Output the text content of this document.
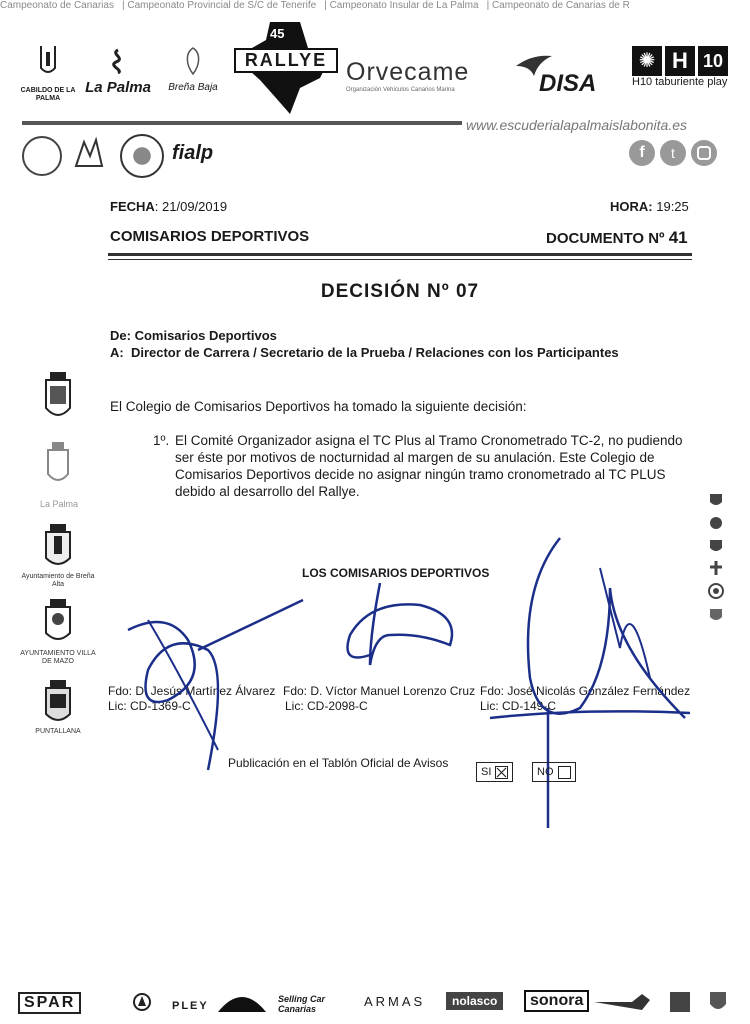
Campeonato de Canarias | Campeonato Provincial de S/C de Tenerife | Campeonato Insular de La Palma | Campeonato de Canarias de R
CABILDO DE LA PALMA
La Palma	Breña Baja
45
RALLYE Orvecame
Organización Vehículos Canarios Marina	DISA
✺ H 10
H10 taburiente play
www.escuderialapalmaislabonita.es
fialp	f	t
FECHA: 21/09/2019	HORA: 19:25
COMISARIOS DEPORTIVOS	DOCUMENTO Nº 41
DECISIÓN Nº 07
De: Comisarios Deportivos
A: Director de Carrera / Secretario de la Prueba / Relaciones con los Participantes
La Palma
Ayuntamiento de Breña Alta
AYUNTAMIENTO VILLA DE MAZO
PUNTALLANA

El Colegio de Comisarios Deportivos ha tomado la siguiente decisión:
1º. El Comité Organizador asigna el TC Plus al Tramo Cronometrado TC-2, no pudiendo
ser éste por motivos de nocturnidad al margen de su anulación. Este Colegio de
Comisarios Deportivos decide no asignar ningún tramo cronometrado al TC PLUS
debido al desarrollo del Rallye.
LOS COMISARIOS DEPORTIVOS
Fdo: D. Jesús Martínez Álvarez
Lic: CD-1369-C
Fdo: D. Víctor Manuel Lorenzo Cruz
Lic: CD-2098-C
Fdo: José Nicolás González Fernández
Lic: CD-149-C
Publicación en el Tablón Oficial de Avisos
SI	NO
SPAR	PLEY
Selling Car Canarias	ARMAS	nolasco	sonora
